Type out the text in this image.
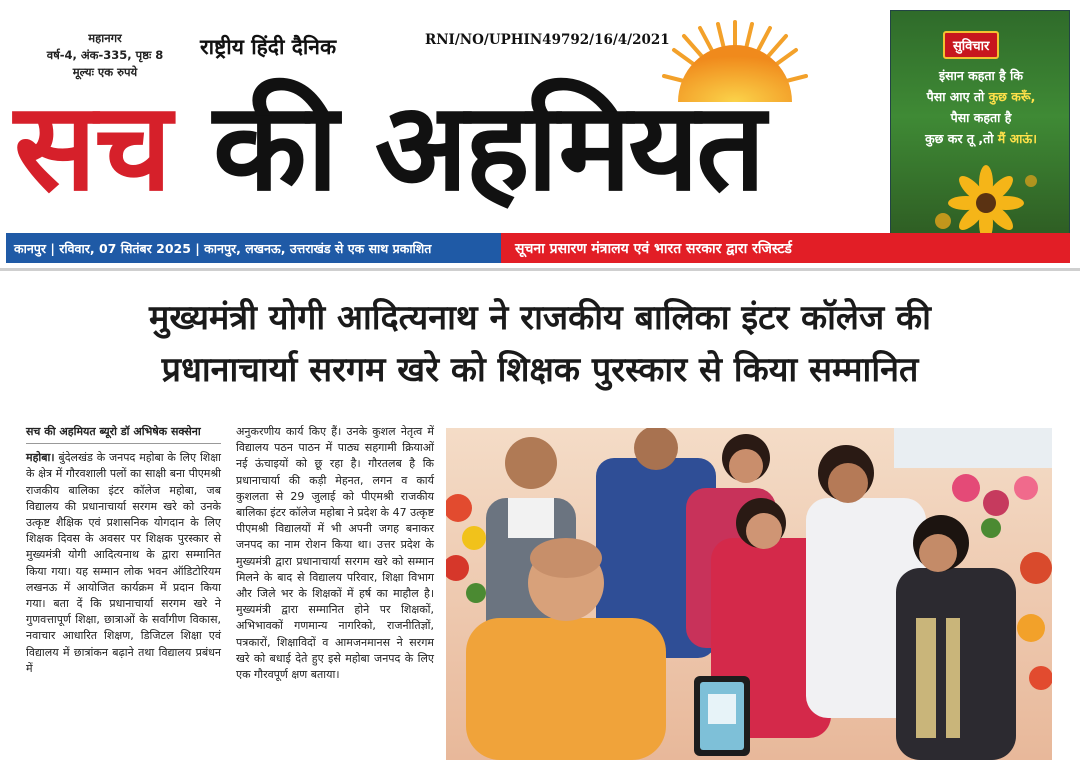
महानगर
वर्ष-4, अंक-335, पृष्ठः 8
मूल्यः एक रुपये
राष्ट्रीय हिंदी दैनिक	RNI/NO/UPHIN49792/16/4/2021
सच की अहमियत
सुविचार
इंसान कहता है कि
पैसा आए तो कुछ करूँ,
पैसा कहता है
कुछ कर तू ,तो मैं आऊं।
कानपुर | रविवार, 07 सितंबर 2025 | कानपुर, लखनऊ, उत्तराखंड से एक साथ प्रकाशित	सूचना प्रसारण मंत्रालय एवं भारत सरकार द्वारा रजिस्टर्ड
मुख्यमंत्री योगी आदित्यनाथ ने राजकीय बालिका इंटर कॉलेज की
प्रधानाचार्या सरगम खरे को शिक्षक पुरस्कार से किया सम्मानित
सच की अहमियत ब्यूरो डॉ अभिषेक सक्सेना
महोबा। बुंदेलखंड के जनपद महोबा के लिए शिक्षा के क्षेत्र में गौरवशाली पलों का साक्षी बना पीएमश्री राजकीय बालिका इंटर कॉलेज महोबा, जब विद्यालय की प्रधानाचार्या सरगम खरे को उनके उत्कृष्ट शैक्षिक एवं प्रशासनिक योगदान के लिए शिक्षक दिवस के अवसर पर शिक्षक पुरस्कार से मुख्यमंत्री योगी आदित्यनाथ के द्वारा सम्मानित किया गया। यह सम्मान लोक भवन ऑडिटोरियम लखनऊ में आयोजित कार्यक्रम में प्रदान किया गया। बता दें कि प्रधानाचार्या सरगम खरे ने गुणवत्तापूर्ण शिक्षा, छात्राओं के सर्वांगीण विकास, नवाचार आधारित शिक्षण, डिजिटल शिक्षा एवं विद्यालय में छात्रांकन बढ़ाने तथा विद्यालय प्रबंधन में
अनुकरणीय कार्य किए हैं। उनके कुशल नेतृत्व में विद्यालय पठन पाठन में पाठ्य सहगामी क्रियाओं नई ऊंचाइयों को छू रहा है। गौरतलब है कि प्रधानाचार्या की कड़ी मेहनत, लगन व कार्य कुशलता से 29 जुलाई को पीएमश्री राजकीय बालिका इंटर कॉलेज महोबा ने प्रदेश के 47 उत्कृष्ट पीएमश्री विद्यालयों में भी अपनी जगह बनाकर जनपद का नाम रोशन किया था। उत्तर प्रदेश के मुख्यमंत्री द्वारा प्रधानाचार्या सरगम खरे को सम्मान मिलने के बाद से विद्यालय परिवार, शिक्षा विभाग और जिले भर के शिक्षकों में हर्ष का माहौल है। मुख्यमंत्री द्वारा सम्मानित होने पर शिक्षकों, अभिभावकों गणमान्य नागरिको, राजनीतिज्ञों, पत्रकारों, शिक्षाविदों व आमजनमानस ने सरगम खरे को बधाई देते हुए इसे महोबा जनपद के लिए एक गौरवपूर्ण क्षण बताया।
